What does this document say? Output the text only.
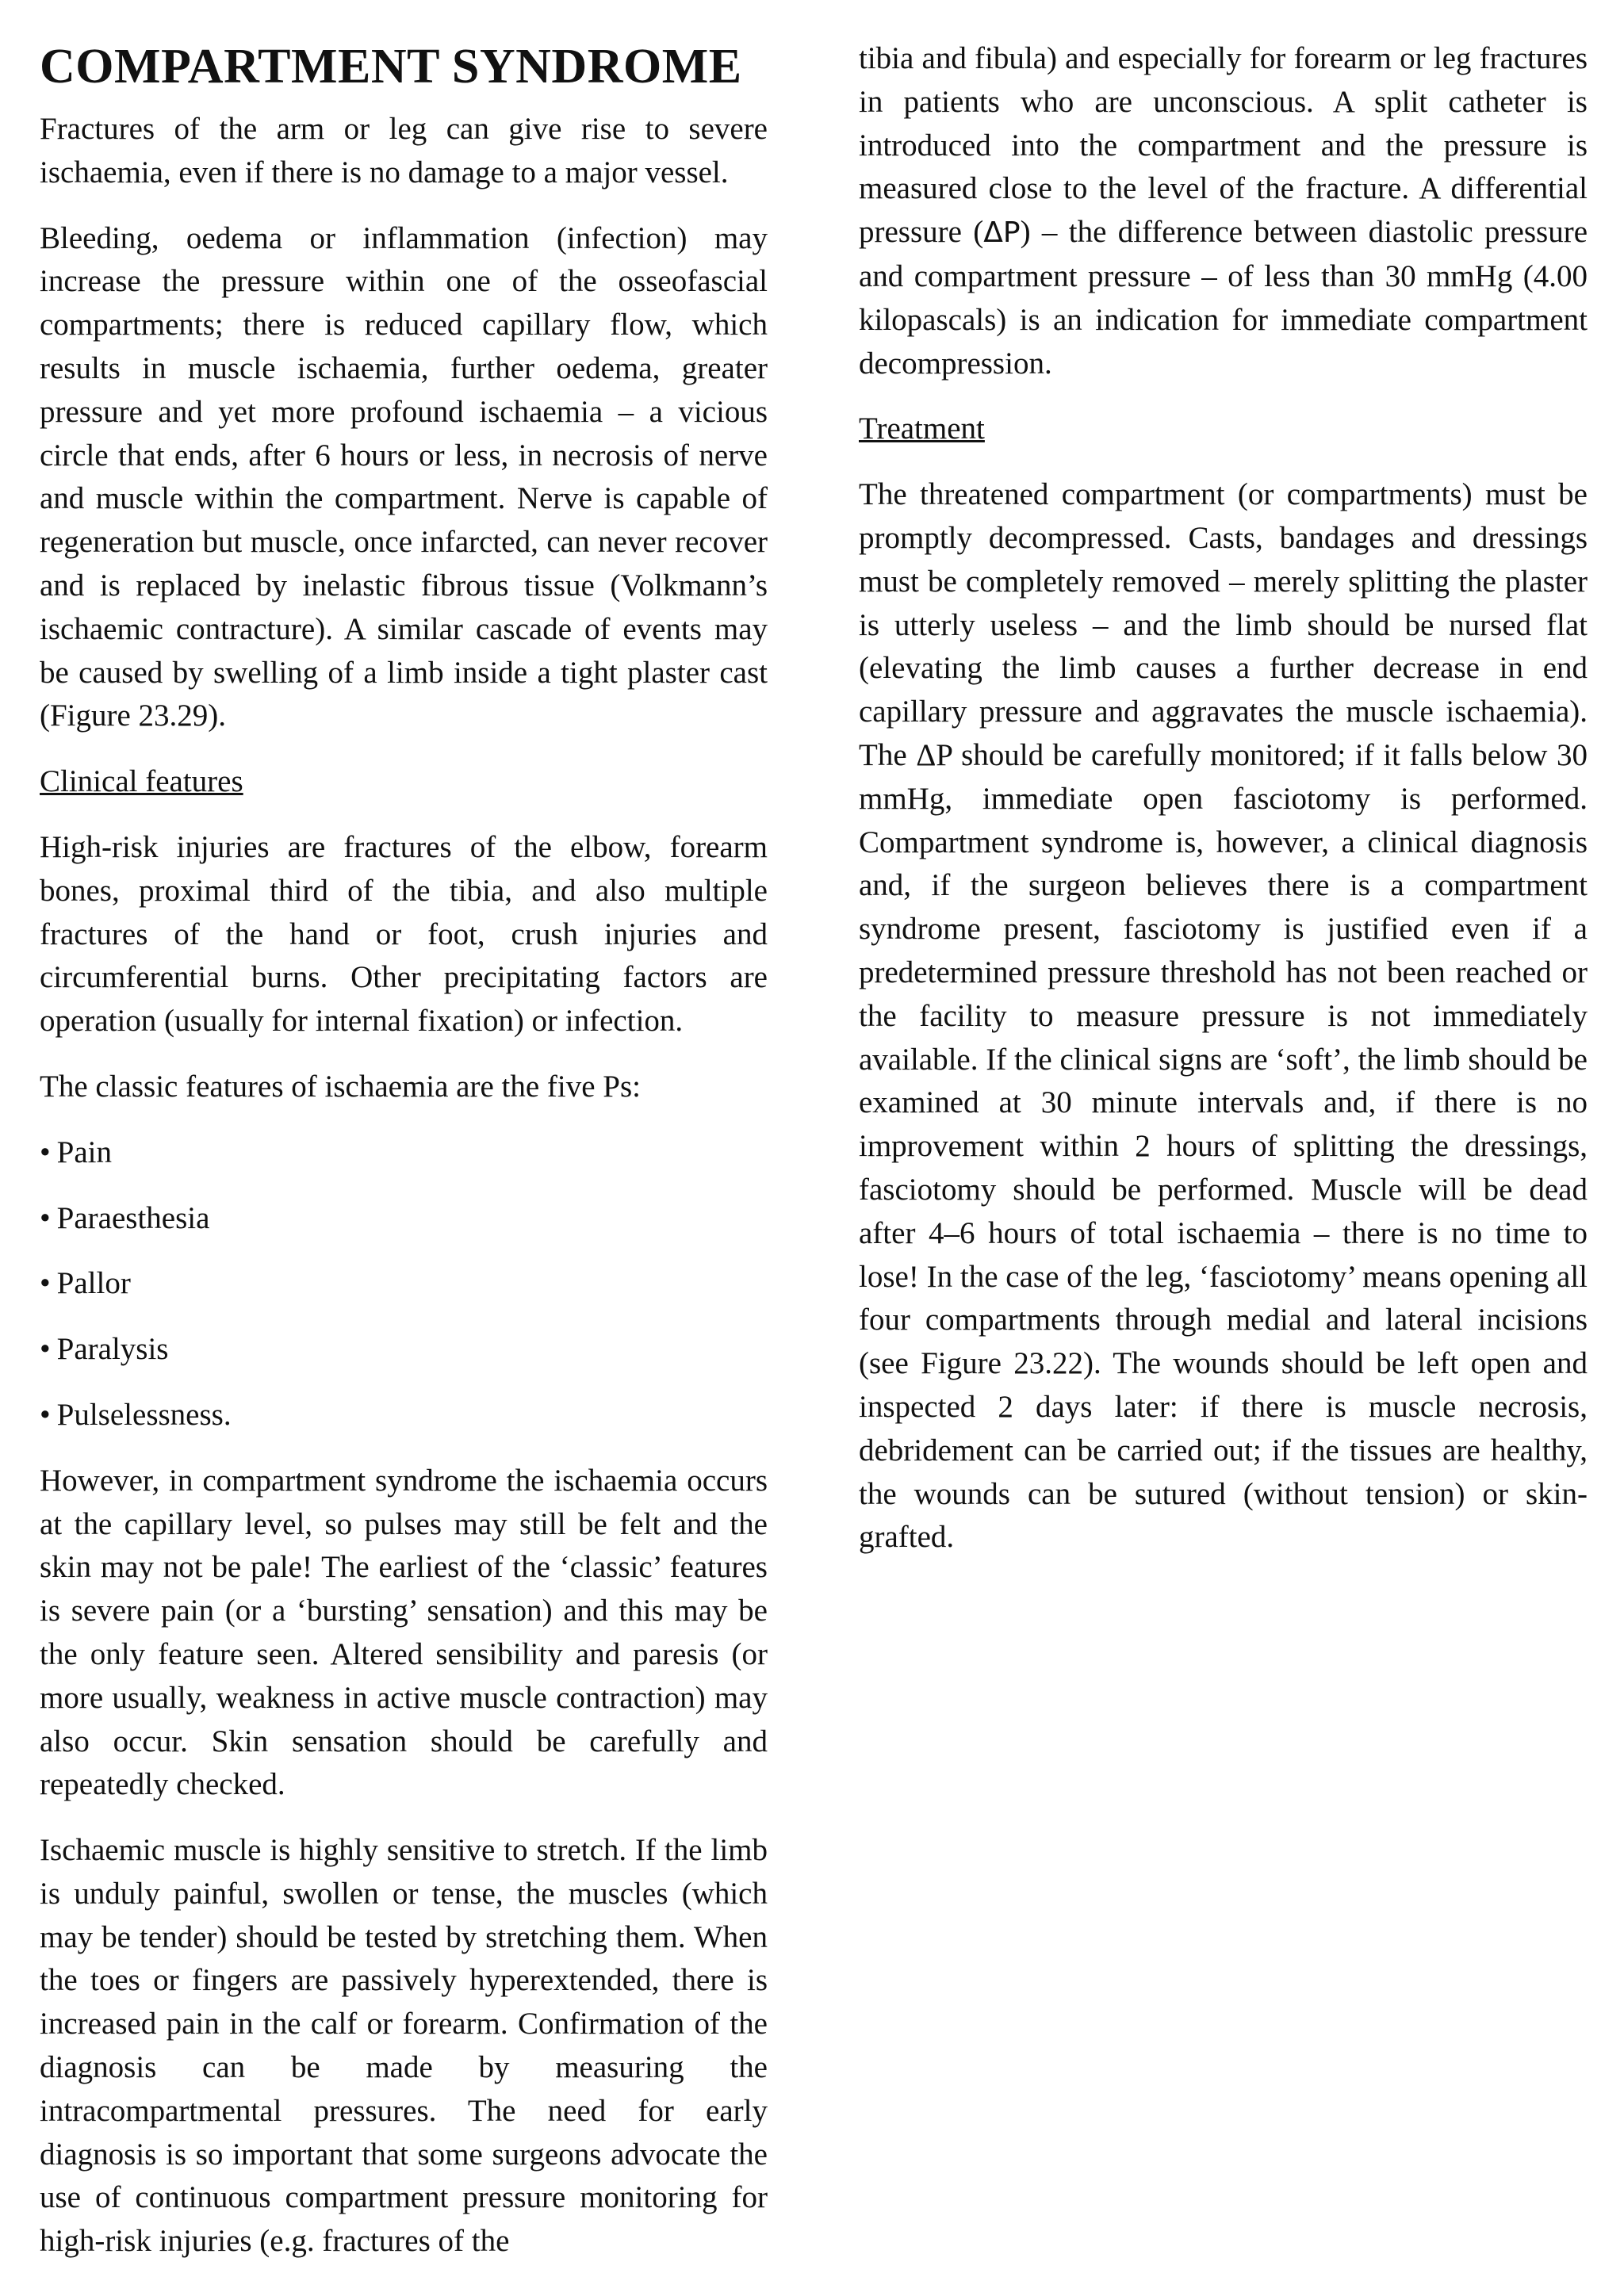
COMPARTMENT SYNDROME

Fractures of the arm or leg can give rise to severe ischaemia, even if there is no damage to a major vessel.

Bleeding, oedema or inflammation (infection) may increase the pressure within one of the osseofascial compartments; there is reduced capillary flow, which results in muscle ischaemia, further oedema, greater pressure and yet more profound ischaemia – a vicious circle that ends, after 6 hours or less, in necrosis of nerve and muscle within the compartment. Nerve is capable of regeneration but muscle, once infarcted, can never recover and is replaced by inelastic fibrous tissue (Volkmann’s ischaemic contracture). A similar cascade of events may be caused by swelling of a limb inside a tight plaster cast (Figure 23.29).

Clinical features

High-risk injuries are fractures of the elbow, forearm bones, proximal third of the tibia, and also multiple fractures of the hand or foot, crush injuries and circumferential burns. Other precipitating factors are operation (usually for internal fixation) or infection.

The classic features of ischaemia are the five Ps:

• Pain

• Paraesthesia

• Pallor

• Paralysis

• Pulselessness.

However, in compartment syndrome the ischaemia occurs at the capillary level, so pulses may still be felt and the skin may not be pale! The earliest of the ‘classic’ features is severe pain (or a ‘bursting’ sensation) and this may be the only feature seen. Altered sensibility and paresis (or more usually, weakness in active muscle contraction) may also occur. Skin sensation should be carefully and repeatedly checked.

Ischaemic muscle is highly sensitive to stretch. If the limb is unduly painful, swollen or tense, the muscles (which may be tender) should be tested by stretching them. When the toes or fingers are passively hyperextended, there is increased pain in the calf or forearm. Confirmation of the diagnosis can be made by measuring the intracompartmental pressures. The need for early diagnosis is so important that some surgeons advocate the use of continuous compartment pressure monitoring for high-risk injuries (e.g. fractures of the

tibia and fibula) and especially for forearm or leg fractures in patients who are unconscious. A split catheter is introduced into the compartment and the pressure is measured close to the level of the fracture. A differential pressure (ΔP) – the difference between diastolic pressure and compartment pressure – of less than 30 mmHg (4.00 kilopascals) is an indication for immediate compartment decompression.

Treatment

The threatened compartment (or compartments) must be promptly decompressed. Casts, bandages and dressings must be completely removed – merely splitting the plaster is utterly useless – and the limb should be nursed flat (elevating the limb causes a further decrease in end capillary pressure and aggravates the muscle ischaemia). The ΔP should be carefully monitored; if it falls below 30 mmHg, immediate open fasciotomy is performed. Compartment syndrome is, however, a clinical diagnosis and, if the surgeon believes there is a compartment syndrome present, fasciotomy is justified even if a predetermined pressure threshold has not been reached or the facility to measure pressure is not immediately available. If the clinical signs are ‘soft’, the limb should be examined at 30 minute intervals and, if there is no improvement within 2 hours of splitting the dressings, fasciotomy should be performed. Muscle will be dead after 4–6 hours of total ischaemia – there is no time to lose! In the case of the leg, ‘fasciotomy’ means opening all four compartments through medial and lateral incisions (see Figure 23.22). The wounds should be left open and inspected 2 days later: if there is muscle necrosis, debridement can be carried out; if the tissues are healthy, the wounds can be sutured (without tension) or skin-grafted.
